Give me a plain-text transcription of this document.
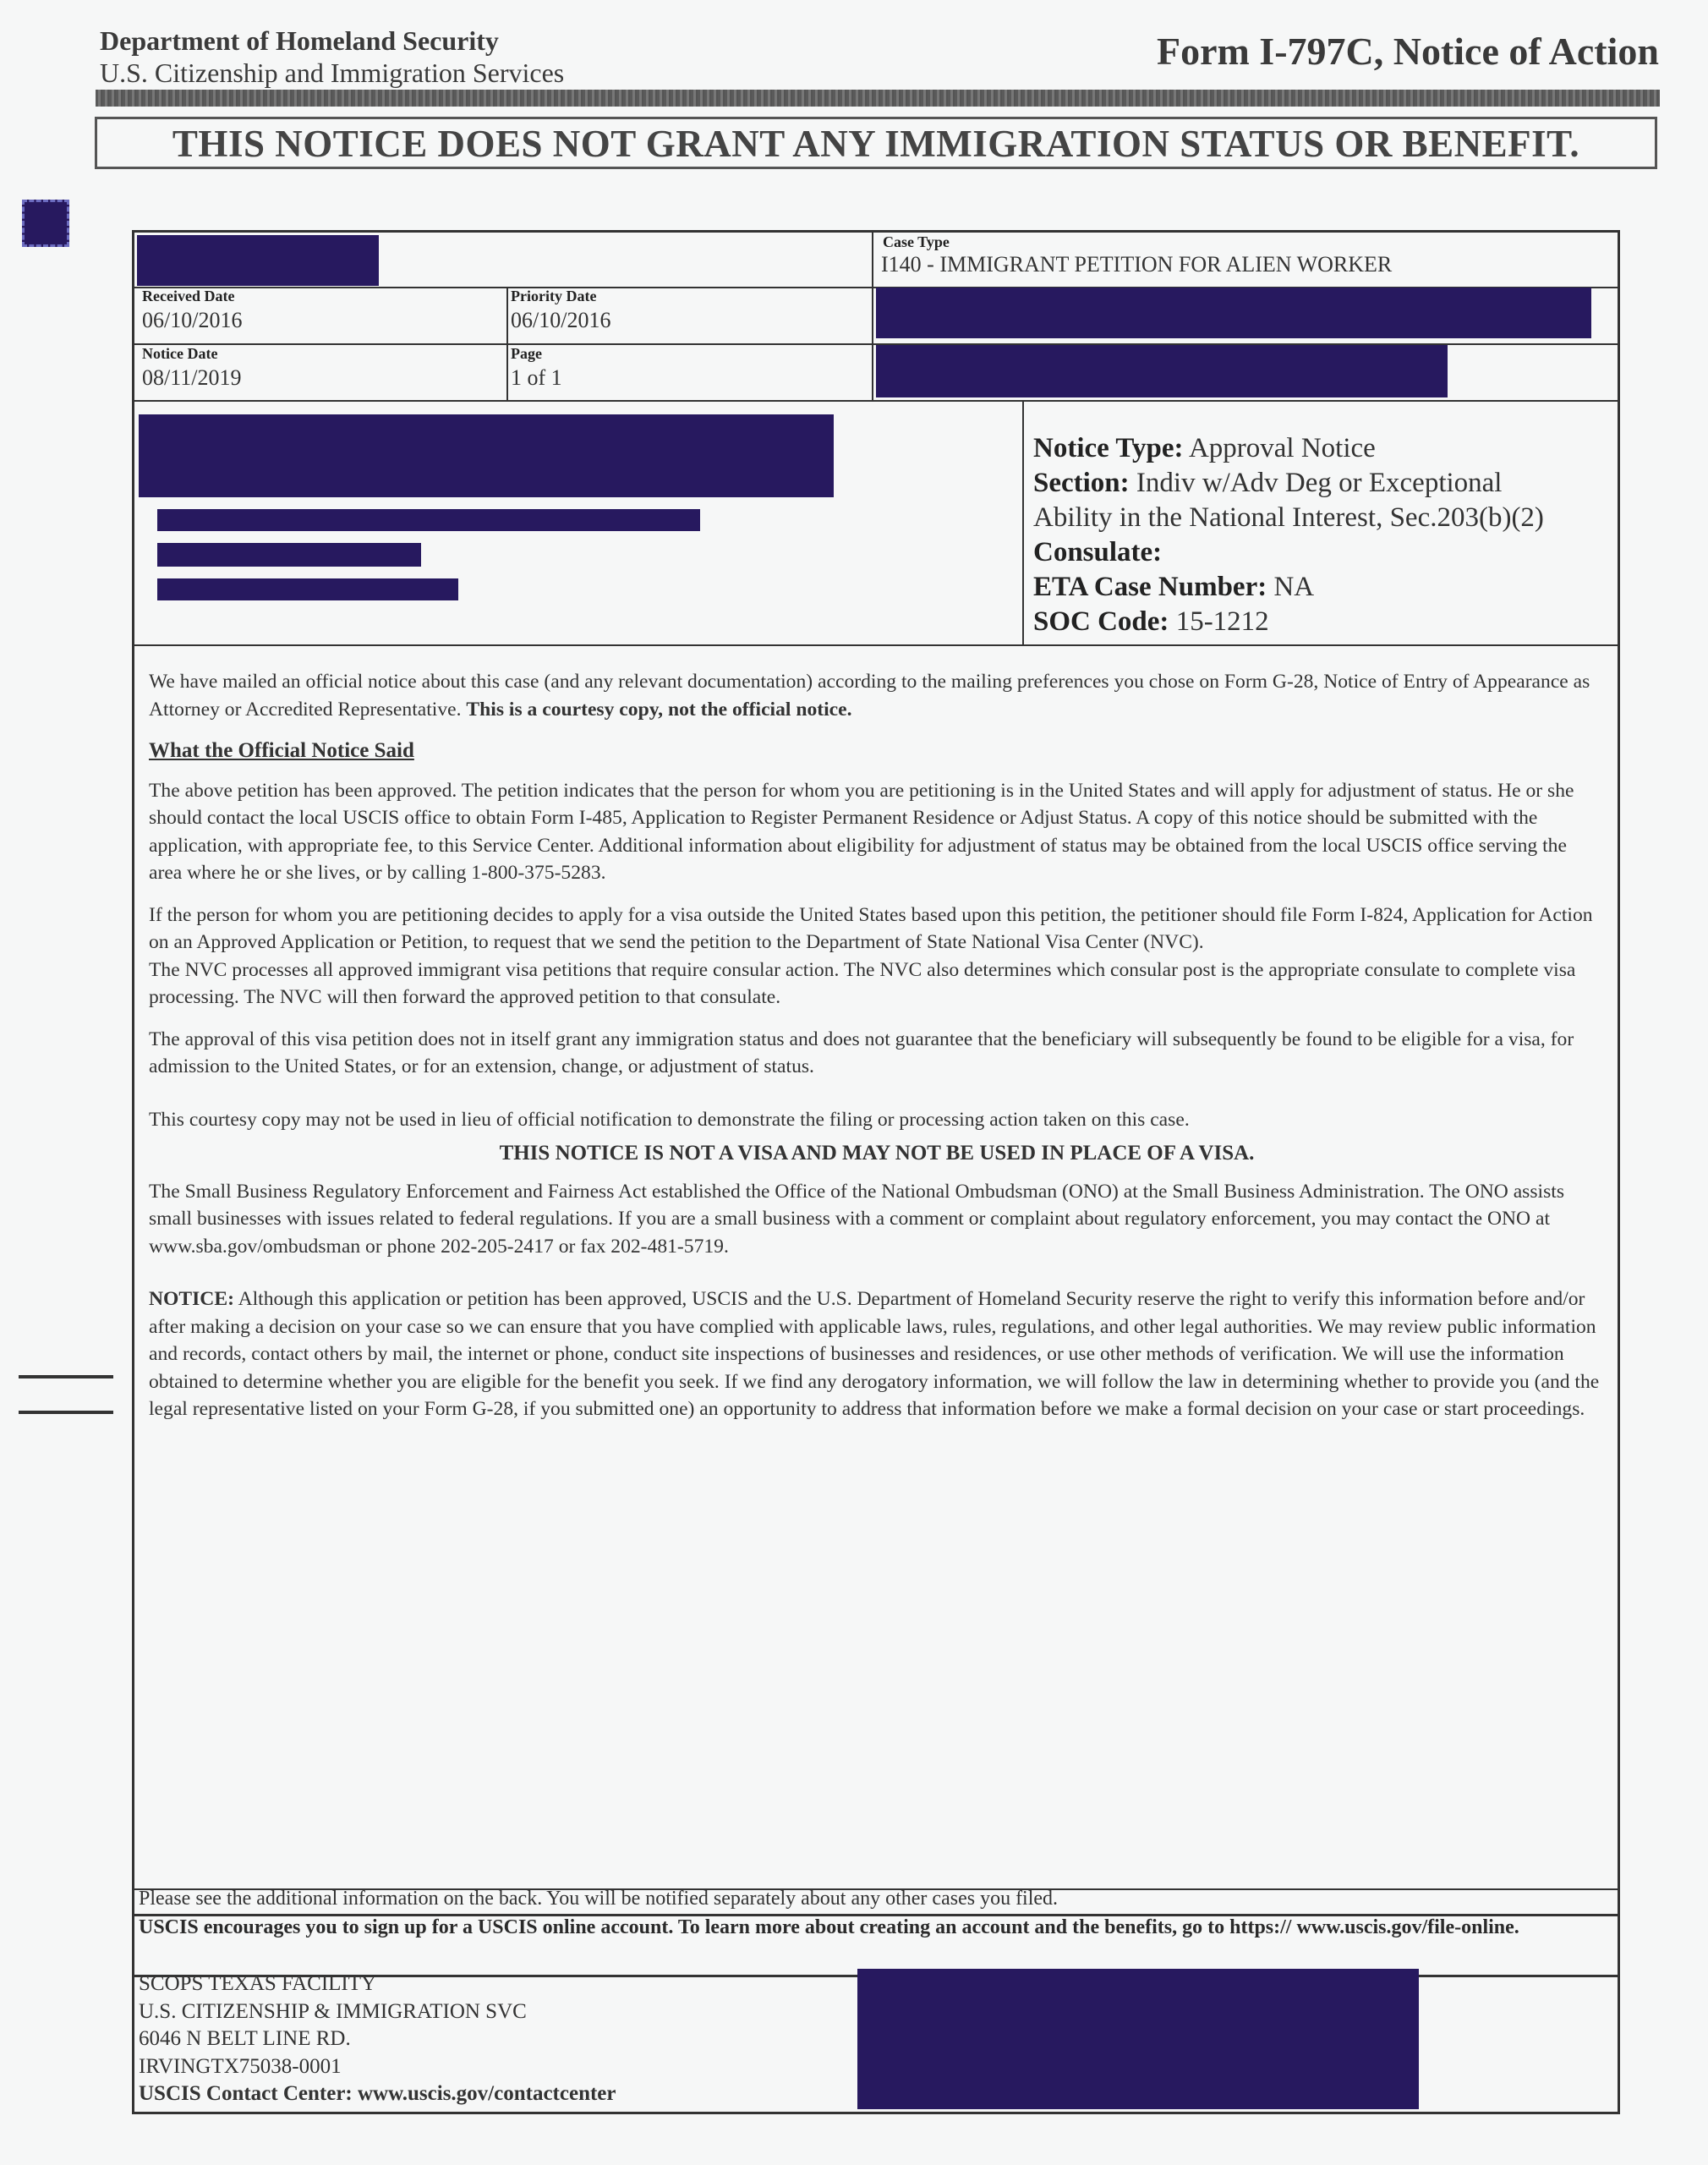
Department of Homeland Security
U.S. Citizenship and Immigration Services	Form I-797C, Notice of Action
THIS NOTICE DOES NOT GRANT ANY IMMIGRATION STATUS OR BENEFIT.
Case Type
I140 - IMMIGRANT PETITION FOR ALIEN WORKER
Received Date
06/10/2016
Priority Date
06/10/2016
Notice Date
08/11/2019
Page
1 of 1
Notice Type: Approval Notice
Section: Indiv w/Adv Deg or Exceptional
Ability in the National Interest, Sec.203(b)(2)
Consulate:
ETA Case Number: NA
SOC Code: 15-1212

We have mailed an official notice about this case (and any relevant documentation) according to the mailing preferences you chose on Form G-28, Notice of Entry of Appearance as Attorney or Accredited Representative. This is a courtesy copy, not the official notice.

What the Official Notice Said

The above petition has been approved. The petition indicates that the person for whom you are petitioning is in the United States and will apply for adjustment of status. He or she should contact the local USCIS office to obtain Form I-485, Application to Register Permanent Residence or Adjust Status. A copy of this notice should be submitted with the application, with appropriate fee, to this Service Center. Additional information about eligibility for adjustment of status may be obtained from the local USCIS office serving the area where he or she lives, or by calling 1-800-375-5283.

If the person for whom you are petitioning decides to apply for a visa outside the United States based upon this petition, the petitioner should file Form I-824, Application for Action on an Approved Application or Petition, to request that we send the petition to the Department of State National Visa Center (NVC).

The NVC processes all approved immigrant visa petitions that require consular action. The NVC also determines which consular post is the appropriate consulate to complete visa processing. The NVC will then forward the approved petition to that consulate.

The approval of this visa petition does not in itself grant any immigration status and does not guarantee that the beneficiary will subsequently be found to be eligible for a visa, for admission to the United States, or for an extension, change, or adjustment of status.

This courtesy copy may not be used in lieu of official notification to demonstrate the filing or processing action taken on this case.

THIS NOTICE IS NOT A VISA AND MAY NOT BE USED IN PLACE OF A VISA.

The Small Business Regulatory Enforcement and Fairness Act established the Office of the National Ombudsman (ONO) at the Small Business Administration. The ONO assists small businesses with issues related to federal regulations. If you are a small business with a comment or complaint about regulatory enforcement, you may contact the ONO at www.sba.gov/ombudsman or phone 202-205-2417 or fax 202-481-5719.

NOTICE: Although this application or petition has been approved, USCIS and the U.S. Department of Homeland Security reserve the right to verify this information before and/or after making a decision on your case so we can ensure that you have complied with applicable laws, rules, regulations, and other legal authorities. We may review public information and records, contact others by mail, the internet or phone, conduct site inspections of businesses and residences, or use other methods of verification. We will use the information obtained to determine whether you are eligible for the benefit you seek. If we find any derogatory information, we will follow the law in determining whether to provide you (and the legal representative listed on your Form G-28, if you submitted one) an opportunity to address that information before we make a formal decision on your case or start proceedings.

Please see the additional information on the back. You will be notified separately about any other cases you filed.
USCIS encourages you to sign up for a USCIS online account. To learn more about creating an account and the benefits, go to https:// www.uscis.gov/file-online.
SCOPS TEXAS FACILITY
U.S. CITIZENSHIP & IMMIGRATION SVC
6046 N BELT LINE RD.
IRVINGTX75038-0001
USCIS Contact Center: www.uscis.gov/contactcenter
